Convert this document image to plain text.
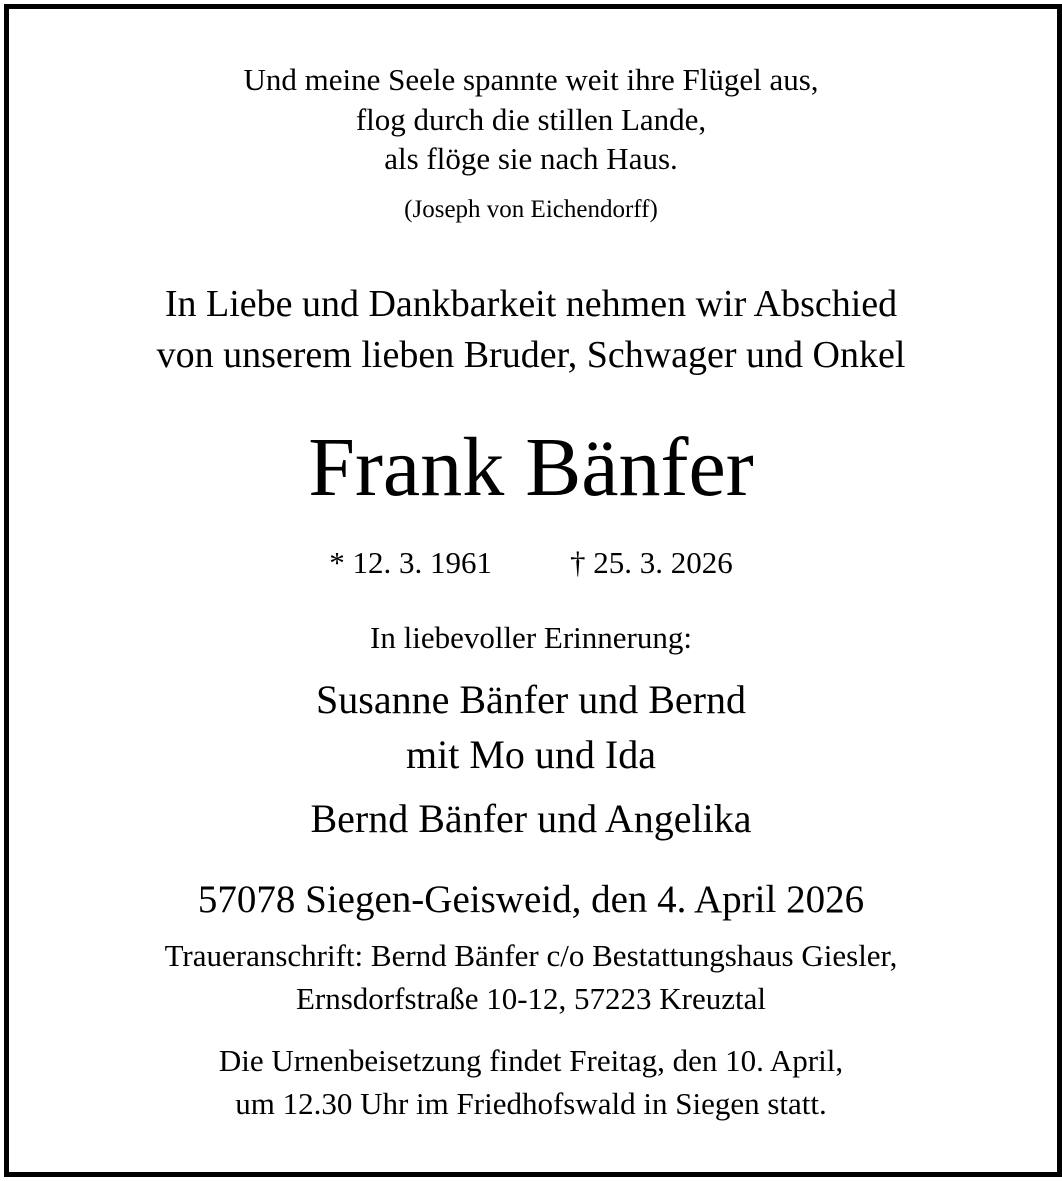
Und meine Seele spannte weit ihre Flügel aus,
flog durch die stillen Lande,
als flöge sie nach Haus.
(Joseph von Eichendorff)
In Liebe und Dankbarkeit nehmen wir Abschied
von unserem lieben Bruder, Schwager und Onkel
Frank Bänfer
* 12. 3. 1961	† 25. 3. 2026
In liebevoller Erinnerung:
Susanne Bänfer und Bernd
mit Mo und Ida
Bernd Bänfer und Angelika
57078 Siegen-Geisweid, den 4. April 2026
Traueranschrift: Bernd Bänfer c/o Bestattungshaus Giesler,
Ernsdorfstraße 10-12, 57223 Kreuztal
Die Urnenbeisetzung findet Freitag, den 10. April,
um 12.30 Uhr im Friedhofswald in Siegen statt.
